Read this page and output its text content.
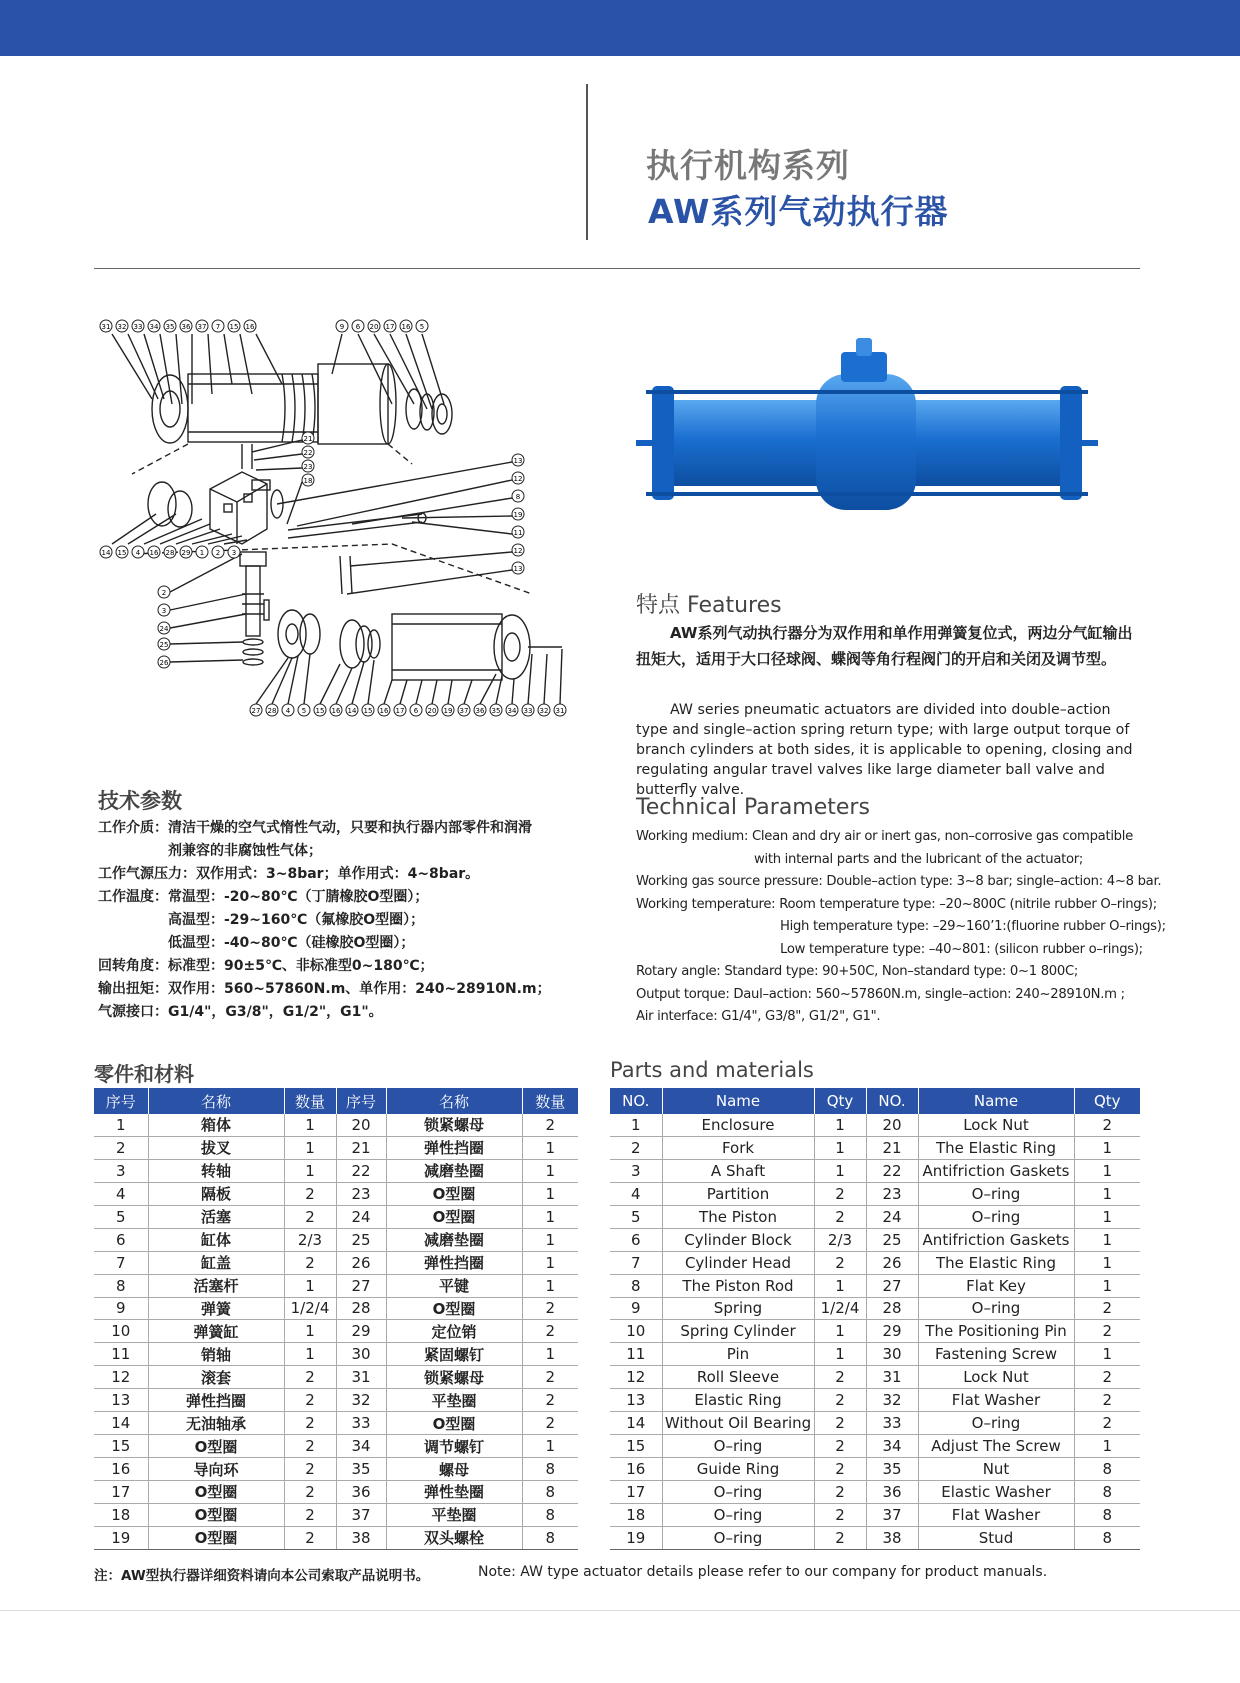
执行机构系列
AW系列气动执行器
31 32 33 34 35 36 37 7 15 16	9 6 20 17 16 5
14 15 4 16 28 29 1 2 3
13
12
8
19
11
12
13
21
22
23
18
2
3
24
25
26
27 28 4 5 15 16 14 15 16 17 6 20 19 37 36 35 34 33 32 31
特点 Features
AW系列气动执行器分为双作用和单作用弹簧复位式，两边分气缸输出扭矩大，适用于大口径球阀、蝶阀等角行程阀门的开启和关闭及调节型。
AW series pneumatic actuators are divided into double–action type and single–action spring return type; with large output torque of branch cylinders at both sides, it is applicable to opening, closing and regulating angular travel valves like large diameter ball valve and butterfly valve.
技术参数
工作介质：清洁干燥的空气式惰性气动，只要和执行器内部零件和润滑
　　　　　剂兼容的非腐蚀性气体；
工作气源压力：双作用式：3~8bar；单作用式：4~8bar。
工作温度：常温型：-20~80℃（丁腈橡胶O型圈）；
　　　　　高温型：-29~160℃（氟橡胶O型圈）；
　　　　　低温型：-40~80℃（硅橡胶O型圈）；
回转角度：标准型：90±5℃、非标准型0~180℃；
输出扭矩：双作用：560~57860N.m、单作用：240~28910N.m；
气源接口：G1/4"，G3/8"，G1/2"，G1"。
Technical Parameters
Working medium: Clean and dry air or inert gas, non–corrosive gas compatible
with internal parts and the lubricant of the actuator;
Working gas source pressure: Double–action type: 3~8 bar; single–action: 4~8 bar.
Working temperature: Room temperature type: –20~800C (nitrile rubber O–rings);
High temperature type: –29~160’1:(fluorine rubber O–rings);
Low temperature type: –40~801: (silicon rubber o–rings);
Rotary angle: Standard type: 90+50C, Non–standard type: 0~1 800C;
Output torque: Daul–action: 560~57860N.m, single–action: 240~28910N.m ;
Air interface: G1/4", G3/8", G1/2", G1".
零件和材料	Parts and materials
序号	名称	数量	序号	名称	数量
1	箱体	1	20	锁紧螺母	2
2	拔叉	1	21	弹性挡圈	1
3	转轴	1	22	减磨垫圈	1
4	隔板	2	23	O型圈	1
5	活塞	2	24	O型圈	1
6	缸体	2/3	25	减磨垫圈	1
7	缸盖	2	26	弹性挡圈	1
8	活塞杆	1	27	平键	1
9	弹簧	1/2/4	28	O型圈	2
10	弹簧缸	1	29	定位销	2
11	销轴	1	30	紧固螺钉	1
12	滚套	2	31	锁紧螺母	2
13	弹性挡圈	2	32	平垫圈	2
14	无油轴承	2	33	O型圈	2
15	O型圈	2	34	调节螺钉	1
16	导向环	2	35	螺母	8
17	O型圈	2	36	弹性垫圈	8
18	O型圈	2	37	平垫圈	8
19	O型圈	2	38	双头螺栓	8
NO.	Name	Qty	NO.	Name	Qty
1	Enclosure	1	20	Lock Nut	2
2	Fork	1	21	The Elastic Ring	1
3	A Shaft	1	22	Antifriction Gaskets	1
4	Partition	2	23	O–ring	1
5	The Piston	2	24	O–ring	1
6	Cylinder Block	2/3	25	Antifriction Gaskets	1
7	Cylinder Head	2	26	The Elastic Ring	1
8	The Piston Rod	1	27	Flat Key	1
9	Spring	1/2/4	28	O–ring	2
10	Spring Cylinder	1	29	The Positioning Pin	2
11	Pin	1	30	Fastening Screw	1
12	Roll Sleeve	2	31	Lock Nut	2
13	Elastic Ring	2	32	Flat Washer	2
14	Without Oil Bearing	2	33	O–ring	2
15	O–ring	2	34	Adjust The Screw	1
16	Guide Ring	2	35	Nut	8
17	O–ring	2	36	Elastic Washer	8
18	O–ring	2	37	Flat Washer	8
19	O–ring	2	38	Stud	8
注：AW型执行器详细资料请向本公司索取产品说明书。	Note: AW type actuator details please refer to our company for product manuals.
